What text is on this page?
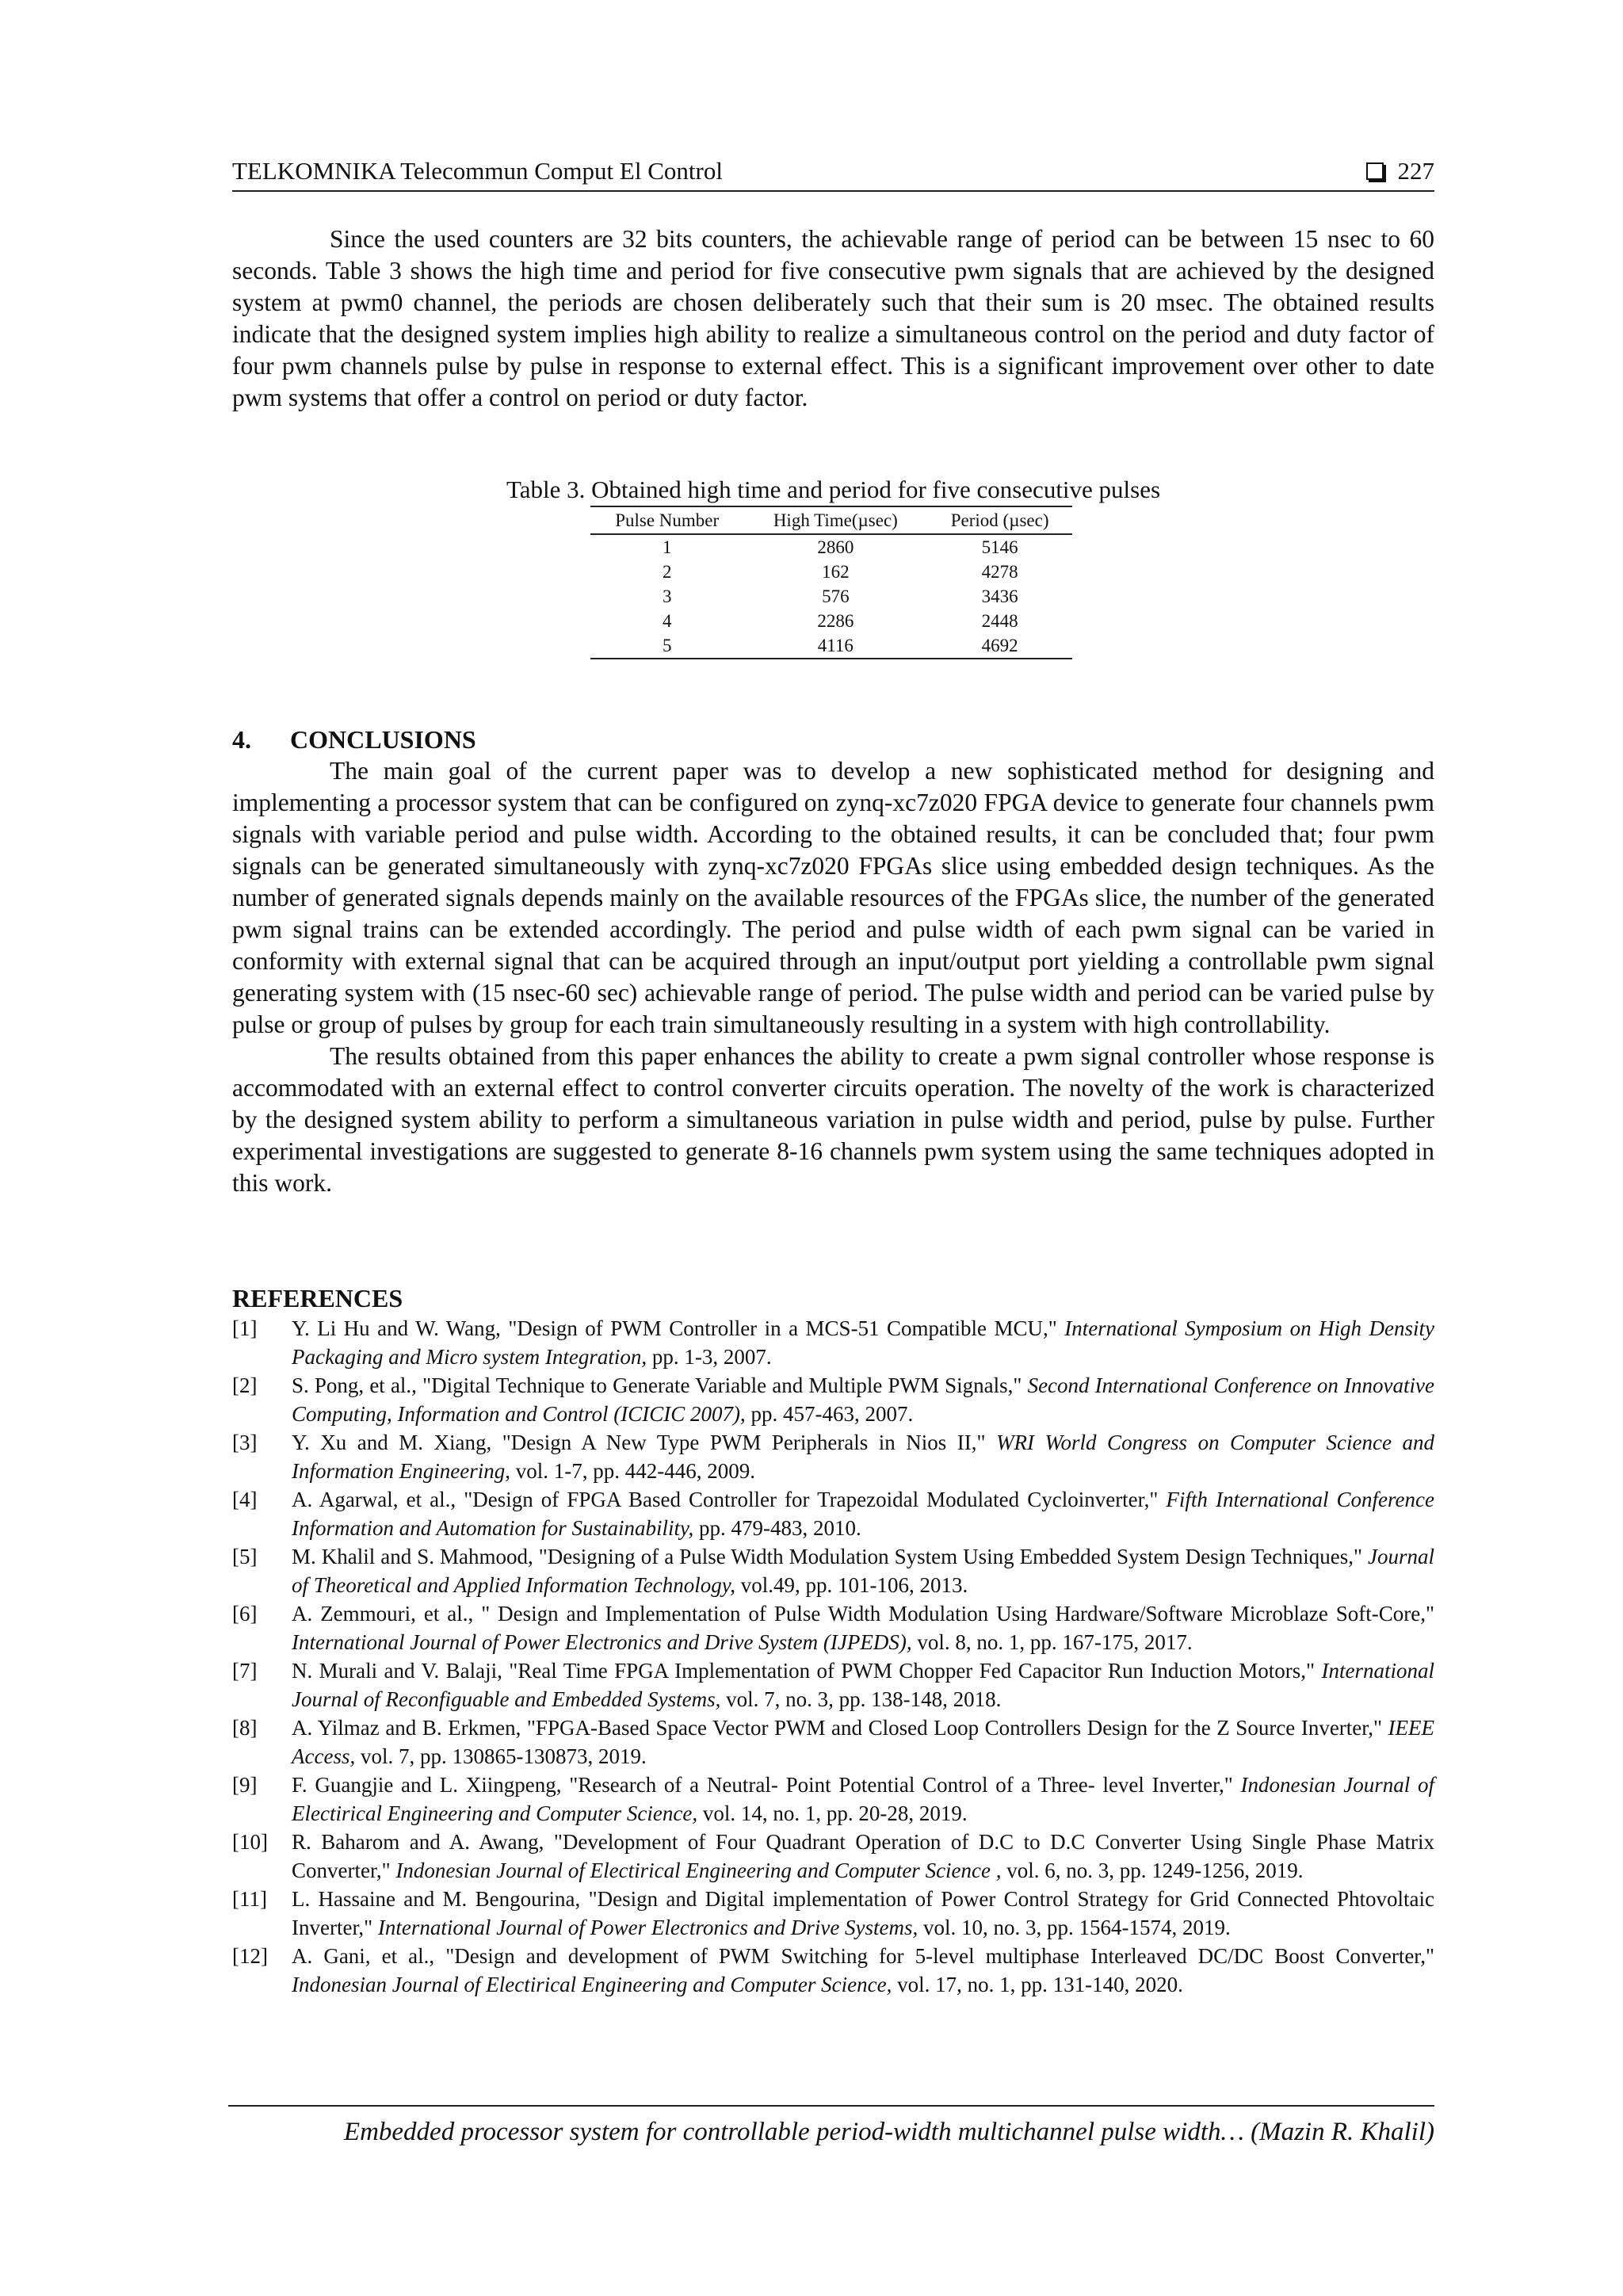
TELKOMNIKA Telecommun Comput El Control	227

Since the used counters are 32 bits counters, the achievable range of period can be between 15 nsec to 60 seconds. Table 3 shows the high time and period for five consecutive pwm signals that are achieved by the designed system at pwm0 channel, the periods are chosen deliberately such that their sum is 20 msec. The obtained results indicate that the designed system implies high ability to realize a simultaneous control on the period and duty factor of four pwm channels pulse by pulse in response to external effect. This is a significant improvement over other to date pwm systems that offer a control on period or duty factor.

Table 3. Obtained high time and period for five consecutive pulses
Pulse Number	High Time(µsec)	Period (µsec)
1	2860	5146
2	162	4278
3	576	3436
4	2286	2448
5	4116	4692
4. CONCLUSIONS

The main goal of the current paper was to develop a new sophisticated method for designing and implementing a processor system that can be configured on zynq-xc7z020 FPGA device to generate four channels pwm signals with variable period and pulse width. According to the obtained results, it can be concluded that; four pwm signals can be generated simultaneously with zynq-xc7z020 FPGAs slice using embedded design techniques. As the number of generated signals depends mainly on the available resources of the FPGAs slice, the number of the generated pwm signal trains can be extended accordingly. The period and pulse width of each pwm signal can be varied in conformity with external signal that can be acquired through an input/output port yielding a controllable pwm signal generating system with (15 nsec-60 sec) achievable range of period. The pulse width and period can be varied pulse by pulse or group of pulses by group for each train simultaneously resulting in a system with high controllability.

The results obtained from this paper enhances the ability to create a pwm signal controller whose response is accommodated with an external effect to control converter circuits operation. The novelty of the work is characterized by the designed system ability to perform a simultaneous variation in pulse width and period, pulse by pulse. Further experimental investigations are suggested to generate 8-16 channels pwm system using the same techniques adopted in this work.

REFERENCES
[1]	Y. Li Hu and W. Wang, "Design of PWM Controller in a MCS-51 Compatible MCU," International Symposium on High Density Packaging and Micro system Integration, pp. 1-3, 2007.
[2]	S. Pong, et al., "Digital Technique to Generate Variable and Multiple PWM Signals," Second International Conference on Innovative Computing, Information and Control (ICICIC 2007), pp. 457-463, 2007.
[3]	Y. Xu and M. Xiang, "Design A New Type PWM Peripherals in Nios II," WRI World Congress on Computer Science and Information Engineering, vol. 1-7, pp. 442-446, 2009.
[4]	A. Agarwal, et al., "Design of FPGA Based Controller for Trapezoidal Modulated Cycloinverter," Fifth International Conference Information and Automation for Sustainability, pp. 479-483, 2010.
[5]	M. Khalil and S. Mahmood, "Designing of a Pulse Width Modulation System Using Embedded System Design Techniques," Journal of Theoretical and Applied Information Technology, vol.49, pp. 101-106, 2013.
[6]	A. Zemmouri, et al., " Design and Implementation of Pulse Width Modulation Using Hardware/Software Microblaze Soft-Core," International Journal of Power Electronics and Drive System (IJPEDS), vol. 8, no. 1, pp. 167-175, 2017.
[7]	N. Murali and V. Balaji, "Real Time FPGA Implementation of PWM Chopper Fed Capacitor Run Induction Motors," International Journal of Reconfiguable and Embedded Systems, vol. 7, no. 3, pp. 138-148, 2018.
[8]	A. Yilmaz and B. Erkmen, "FPGA-Based Space Vector PWM and Closed Loop Controllers Design for the Z Source Inverter," IEEE Access, vol. 7, pp. 130865-130873, 2019.
[9]	F. Guangjie and L. Xiingpeng, "Research of a Neutral- Point Potential Control of a Three- level Inverter," Indonesian Journal of Electirical Engineering and Computer Science, vol. 14, no. 1, pp. 20-28, 2019.
[10]	R. Baharom and A. Awang, "Development of Four Quadrant Operation of D.C to D.C Converter Using Single Phase Matrix Converter," Indonesian Journal of Electirical Engineering and Computer Science , vol. 6, no. 3, pp. 1249-1256, 2019.
[11]	L. Hassaine and M. Bengourina, "Design and Digital implementation of Power Control Strategy for Grid Connected Phtovoltaic Inverter," International Journal of Power Electronics and Drive Systems, vol. 10, no. 3, pp. 1564-1574, 2019.
[12]	A. Gani, et al., "Design and development of PWM Switching for 5-level multiphase Interleaved DC/DC Boost Converter," Indonesian Journal of Electirical Engineering and Computer Science, vol. 17, no. 1, pp. 131-140, 2020.
Embedded processor system for controllable period-width multichannel pulse width… (Mazin R. Khalil)
